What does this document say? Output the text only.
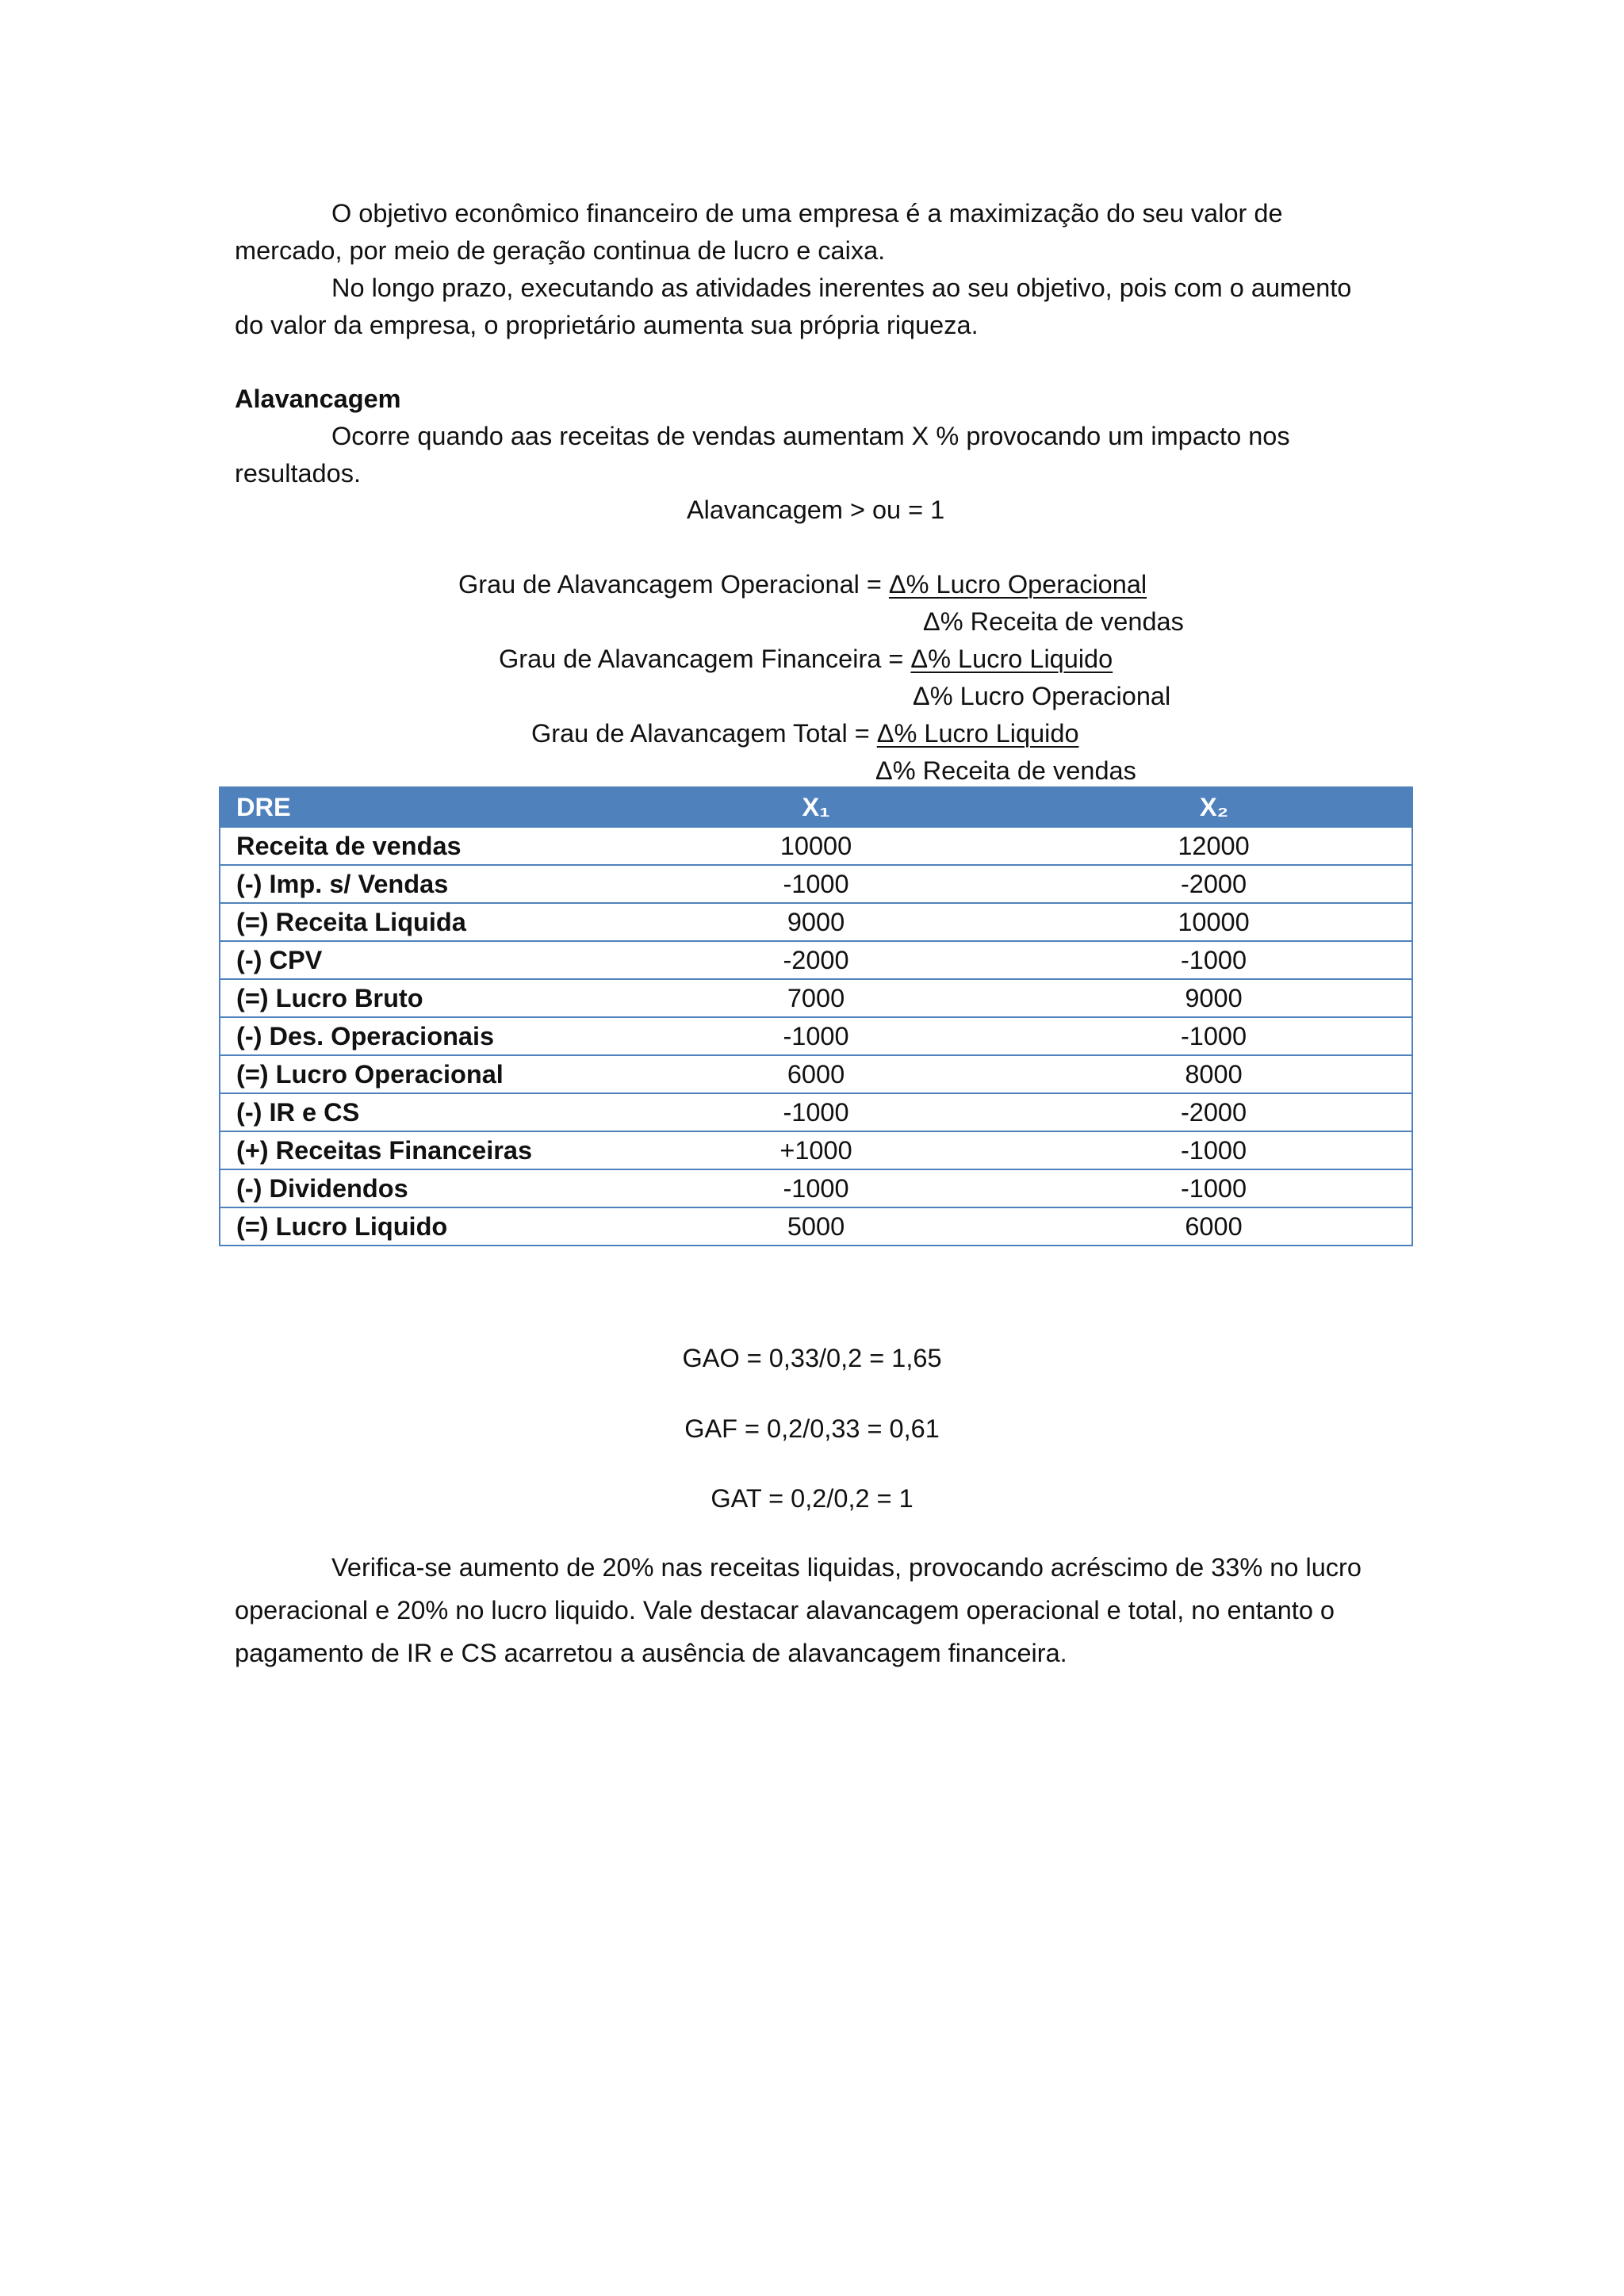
O objetivo econômico financeiro de uma empresa é a maximização do seu valor de mercado, por meio de geração continua de lucro e caixa.

No longo prazo, executando as atividades inerentes ao seu objetivo, pois com o aumento do valor da empresa, o proprietário aumenta sua própria riqueza.

Alavancagem

Ocorre quando aas receitas de vendas aumentam X % provocando um impacto nos resultados.

Alavancagem > ou = 1

Grau de Alavancagem Operacional = Δ% Lucro Operacional

Δ% Receita de vendas

Grau de Alavancagem Financeira = Δ% Lucro Liquido

Δ% Lucro Operacional

Grau de Alavancagem Total = Δ% Lucro Liquido

Δ% Receita de vendas

DRE	X₁	X₂
Receita de vendas	10000	12000
(-) Imp. s/ Vendas	-1000	-2000
(=) Receita Liquida	9000	10000
(-) CPV	-2000	-1000
(=) Lucro Bruto	7000	9000
(-) Des. Operacionais	-1000	-1000
(=) Lucro Operacional	6000	8000
(-) IR e CS	-1000	-2000
(+) Receitas Financeiras	+1000	-1000
(-) Dividendos	-1000	-1000
(=) Lucro Liquido	5000	6000

GAO = 0,33/0,2 = 1,65

GAF = 0,2/0,33 = 0,61

GAT = 0,2/0,2 = 1

Verifica-se aumento de 20% nas receitas liquidas, provocando acréscimo de 33% no lucro operacional e 20% no lucro liquido. Vale destacar alavancagem operacional e total, no entanto o pagamento de IR e CS acarretou a ausência de alavancagem financeira.
